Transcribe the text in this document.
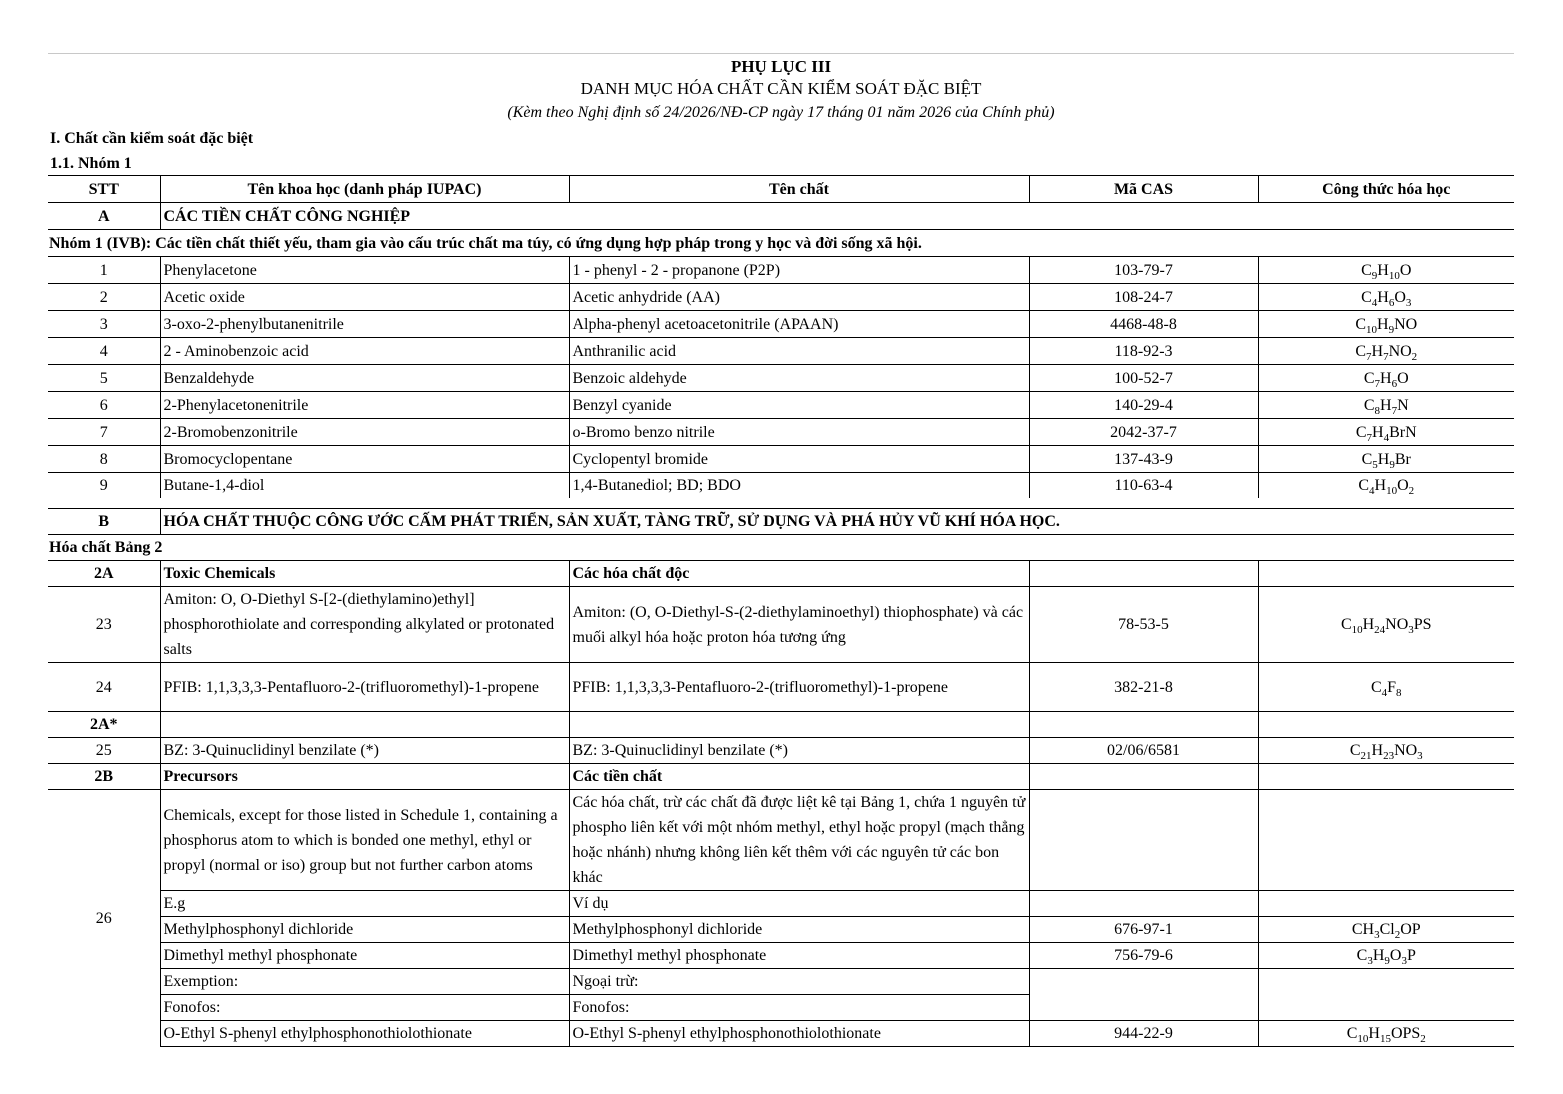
PHỤ LỤC III
DANH MỤC HÓA CHẤT CẦN KIỂM SOÁT ĐẶC BIỆT
(Kèm theo Nghị định số 24/2026/NĐ-CP ngày 17 tháng 01 năm 2026 của Chính phủ)
I. Chất cần kiểm soát đặc biệt
1.1. Nhóm 1
STT	Tên khoa học (danh pháp IUPAC)	Tên chất	Mã CAS	Công thức hóa học
A	CÁC TIỀN CHẤT CÔNG NGHIỆP			
Nhóm 1 (IVB): Các tiền chất thiết yếu, tham gia vào cấu trúc chất ma túy, có ứng dụng hợp pháp trong y học và đời sống xã hội.				
1	Phenylacetone	1 - phenyl - 2 - propanone (P2P)	103-79-7	$C_9H_{10}O$
2	Acetic oxide	Acetic anhydride (AA)	108-24-7	$C_4H_6O_3$
3	3-oxo-2-phenylbutanenitrile	Alpha-phenyl acetoacetonitrile (APAAN)	4468-48-8	$C_{10}H_9NO$
4	2 - Aminobenzoic acid	Anthranilic acid	118-92-3	$C_7H_7NO_2$
5	Benzaldehyde	Benzoic aldehyde	100-52-7	$C_7H_6O$
6	2-Phenylacetonenitrile	Benzyl cyanide	140-29-4	$C_8H_7N$
7	2-Bromobenzonitrile	o-Bromo benzo nitrile	2042-37-7	$C_7H_4BrN$
8	Bromocyclopentane	Cyclopentyl bromide	137-43-9	$C_5H_9Br$
9	Butane-1,4-diol	1,4-Butanediol; BD; BDO	110-63-4	$C_4H_{10}O_2$
B	HÓA CHẤT THUỘC CÔNG ƯỚC CẤM PHÁT TRIỂN, SẢN XUẤT, TÀNG TRỮ, SỬ DỤNG VÀ PHÁ HỦY VŨ KHÍ HÓA HỌC.			
Hóa chất Bảng 2				
2A	Toxic Chemicals	Các hóa chất độc		
23	Amiton: O, O-Diethyl S-[2-(diethylamino)ethyl] phosphorothiolate and corresponding alkylated or protonated salts	Amiton: (O, O-Diethyl-S-(2-diethylaminoethyl) thiophosphate) và các muối alkyl hóa hoặc proton hóa tương ứng	78-53-5	$C_{10}H_{24}NO_3PS$
24	PFIB: 1,1,3,3,3-Pentafluoro-2-(trifluoromethyl)-1-propene	PFIB: 1,1,3,3,3-Pentafluoro-2-(trifluoromethyl)-1-propene	382-21-8	$C_4F_8$
2A*				
25	BZ: 3-Quinuclidinyl benzilate (*)	BZ: 3-Quinuclidinyl benzilate (*)	02/06/6581	$C_{21}H_{23}NO_3$
2B	Precursors	Các tiền chất		
26	Chemicals, except for those listed in Schedule 1, containing a phosphorus atom to which is bonded one methyl, ethyl or propyl (normal or iso) group but not further carbon atoms	Các hóa chất, trừ các chất đã được liệt kê tại Bảng 1, chứa 1 nguyên tử phospho liên kết với một nhóm methyl, ethyl hoặc propyl (mạch thẳng hoặc nhánh) nhưng không liên kết thêm với các nguyên tử các bon khác		
	E.g	Ví dụ		
	Methylphosphonyl dichloride	Methylphosphonyl dichloride	676-97-1	$CH_3Cl_2OP$
	Dimethyl methyl phosphonate	Dimethyl methyl phosphonate	756-79-6	$C_3H_9O_3P$
	Exemption:	Ngoại trừ:		
	Fonofos:	Fonofos:		
	O-Ethyl S-phenyl ethylphosphonothiolothionate	O-Ethyl S-phenyl ethylphosphonothiolothionate	944-22-9	$C_{10}H_{15}OPS_2$
